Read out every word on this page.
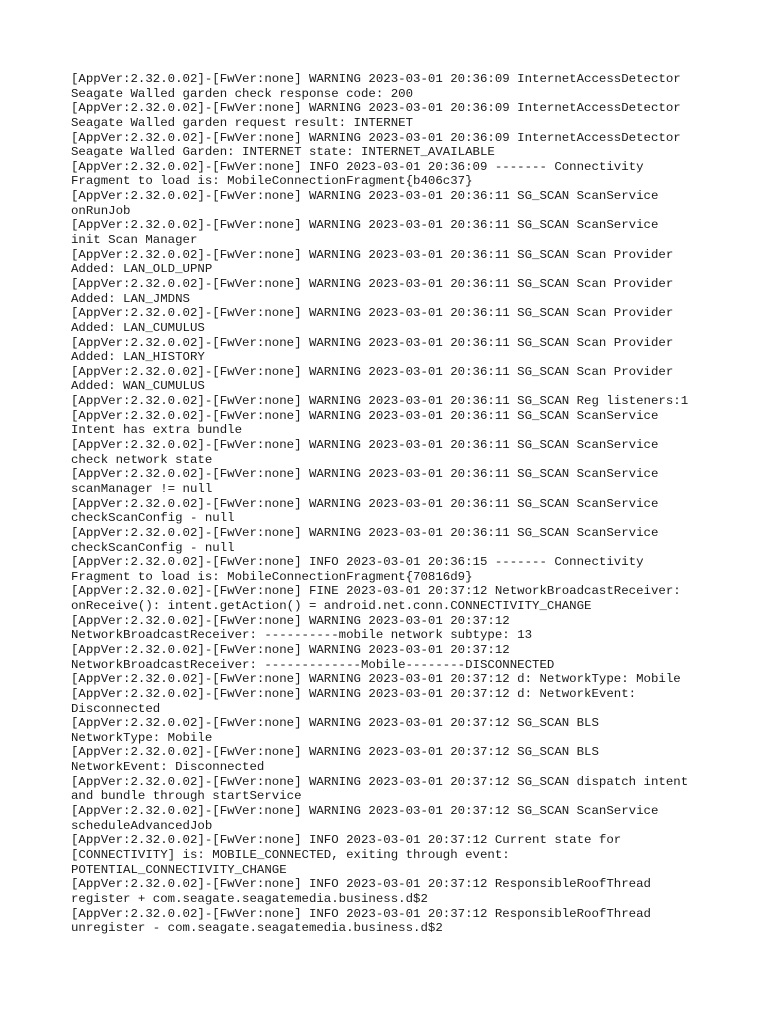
[AppVer:2.32.0.02]-[FwVer:none] WARNING 2023-03-01 20:36:09 InternetAccessDetector
Seagate Walled garden check response code: 200
[AppVer:2.32.0.02]-[FwVer:none] WARNING 2023-03-01 20:36:09 InternetAccessDetector
Seagate Walled garden request result: INTERNET
[AppVer:2.32.0.02]-[FwVer:none] WARNING 2023-03-01 20:36:09 InternetAccessDetector
Seagate Walled Garden: INTERNET state: INTERNET_AVAILABLE
[AppVer:2.32.0.02]-[FwVer:none] INFO 2023-03-01 20:36:09 ------- Connectivity
Fragment to load is: MobileConnectionFragment{b406c37}
[AppVer:2.32.0.02]-[FwVer:none] WARNING 2023-03-01 20:36:11 SG_SCAN ScanService
onRunJob
[AppVer:2.32.0.02]-[FwVer:none] WARNING 2023-03-01 20:36:11 SG_SCAN ScanService
init Scan Manager
[AppVer:2.32.0.02]-[FwVer:none] WARNING 2023-03-01 20:36:11 SG_SCAN Scan Provider
Added: LAN_OLD_UPNP
[AppVer:2.32.0.02]-[FwVer:none] WARNING 2023-03-01 20:36:11 SG_SCAN Scan Provider
Added: LAN_JMDNS
[AppVer:2.32.0.02]-[FwVer:none] WARNING 2023-03-01 20:36:11 SG_SCAN Scan Provider
Added: LAN_CUMULUS
[AppVer:2.32.0.02]-[FwVer:none] WARNING 2023-03-01 20:36:11 SG_SCAN Scan Provider
Added: LAN_HISTORY
[AppVer:2.32.0.02]-[FwVer:none] WARNING 2023-03-01 20:36:11 SG_SCAN Scan Provider
Added: WAN_CUMULUS
[AppVer:2.32.0.02]-[FwVer:none] WARNING 2023-03-01 20:36:11 SG_SCAN Reg listeners:1
[AppVer:2.32.0.02]-[FwVer:none] WARNING 2023-03-01 20:36:11 SG_SCAN ScanService
Intent has extra bundle
[AppVer:2.32.0.02]-[FwVer:none] WARNING 2023-03-01 20:36:11 SG_SCAN ScanService
check network state
[AppVer:2.32.0.02]-[FwVer:none] WARNING 2023-03-01 20:36:11 SG_SCAN ScanService
scanManager != null
[AppVer:2.32.0.02]-[FwVer:none] WARNING 2023-03-01 20:36:11 SG_SCAN ScanService
checkScanConfig - null
[AppVer:2.32.0.02]-[FwVer:none] WARNING 2023-03-01 20:36:11 SG_SCAN ScanService
checkScanConfig - null
[AppVer:2.32.0.02]-[FwVer:none] INFO 2023-03-01 20:36:15 ------- Connectivity
Fragment to load is: MobileConnectionFragment{70816d9}
[AppVer:2.32.0.02]-[FwVer:none] FINE 2023-03-01 20:37:12 NetworkBroadcastReceiver:
onReceive(): intent.getAction() = android.net.conn.CONNECTIVITY_CHANGE
[AppVer:2.32.0.02]-[FwVer:none] WARNING 2023-03-01 20:37:12
NetworkBroadcastReceiver: ----------mobile network subtype: 13
[AppVer:2.32.0.02]-[FwVer:none] WARNING 2023-03-01 20:37:12
NetworkBroadcastReceiver: -------------Mobile--------DISCONNECTED
[AppVer:2.32.0.02]-[FwVer:none] WARNING 2023-03-01 20:37:12 d: NetworkType: Mobile
[AppVer:2.32.0.02]-[FwVer:none] WARNING 2023-03-01 20:37:12 d: NetworkEvent:
Disconnected
[AppVer:2.32.0.02]-[FwVer:none] WARNING 2023-03-01 20:37:12 SG_SCAN BLS
NetworkType: Mobile
[AppVer:2.32.0.02]-[FwVer:none] WARNING 2023-03-01 20:37:12 SG_SCAN BLS
NetworkEvent: Disconnected
[AppVer:2.32.0.02]-[FwVer:none] WARNING 2023-03-01 20:37:12 SG_SCAN dispatch intent
and bundle through startService
[AppVer:2.32.0.02]-[FwVer:none] WARNING 2023-03-01 20:37:12 SG_SCAN ScanService
scheduleAdvancedJob
[AppVer:2.32.0.02]-[FwVer:none] INFO 2023-03-01 20:37:12 Current state for
[CONNECTIVITY] is: MOBILE_CONNECTED, exiting through event:
POTENTIAL_CONNECTIVITY_CHANGE
[AppVer:2.32.0.02]-[FwVer:none] INFO 2023-03-01 20:37:12 ResponsibleRoofThread
register + com.seagate.seagatemedia.business.d$2
[AppVer:2.32.0.02]-[FwVer:none] INFO 2023-03-01 20:37:12 ResponsibleRoofThread
unregister - com.seagate.seagatemedia.business.d$2
